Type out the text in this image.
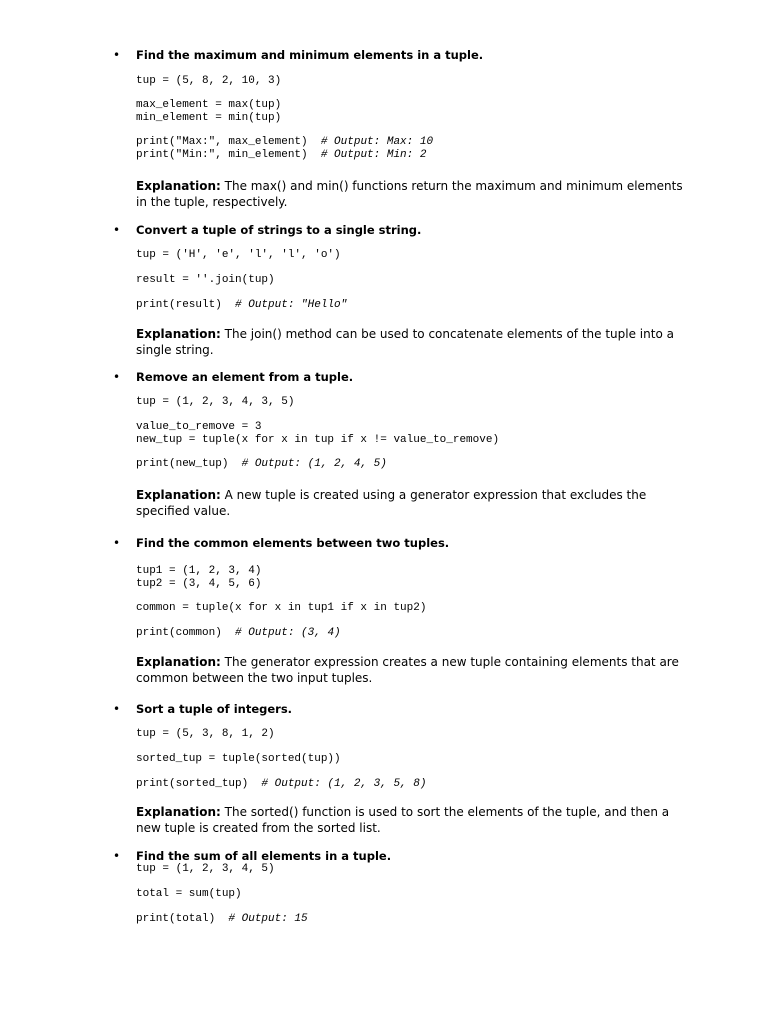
• Find the maximum and minimum elements in a tuple.
tup = (5, 8, 2, 10, 3)
max_element = max(tup)
min_element = min(tup)
print("Max:", max_element)  # Output: Max: 10
print("Min:", min_element)  # Output: Min: 2
Explanation: The max() and min() functions return the maximum and minimum elements in the tuple, respectively.
• Convert a tuple of strings to a single string.
tup = ('H', 'e', 'l', 'l', 'o')
result = ''.join(tup)
print(result)  # Output: "Hello"
Explanation: The join() method can be used to concatenate elements of the tuple into a single string.
• Remove an element from a tuple.
tup = (1, 2, 3, 4, 3, 5)
value_to_remove = 3
new_tup = tuple(x for x in tup if x != value_to_remove)
print(new_tup)  # Output: (1, 2, 4, 5)
Explanation: A new tuple is created using a generator expression that excludes the specified value.
• Find the common elements between two tuples.
tup1 = (1, 2, 3, 4)
tup2 = (3, 4, 5, 6)
common = tuple(x for x in tup1 if x in tup2)
print(common)  # Output: (3, 4)
Explanation: The generator expression creates a new tuple containing elements that are common between the two input tuples.
• Sort a tuple of integers.
tup = (5, 3, 8, 1, 2)
sorted_tup = tuple(sorted(tup))
print(sorted_tup)  # Output: (1, 2, 3, 5, 8)
Explanation: The sorted() function is used to sort the elements of the tuple, and then a new tuple is created from the sorted list.
• Find the sum of all elements in a tuple.
tup = (1, 2, 3, 4, 5)
total = sum(tup)
print(total)  # Output: 15
